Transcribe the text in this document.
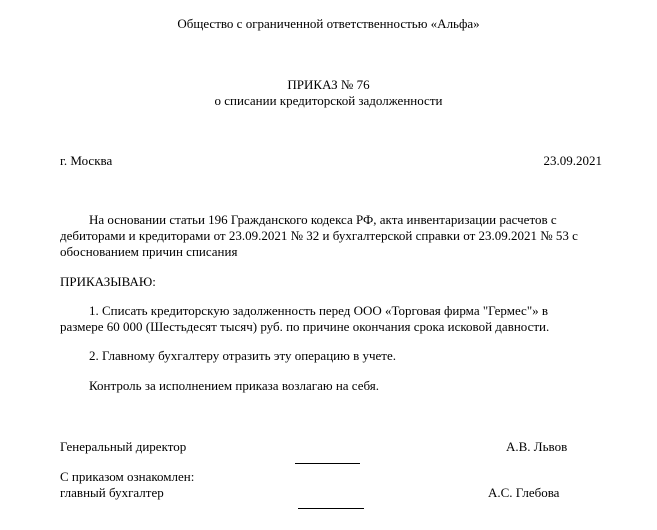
Общество с ограниченной ответственностью «Альфа»
ПРИКАЗ № 76
о списании кредиторской задолженности
г. Москва	23.09.2021
На основании статьи 196 Гражданского кодекса РФ, акта инвентаризации расчетов с
дебиторами и кредиторами от 23.09.2021 № 32 и бухгалтерской справки от 23.09.2021 № 53 с
обоснованием причин списания
ПРИКАЗЫВАЮ:
1. Списать кредиторскую задолженность перед ООО «Торговая фирма "Гермес"» в
размере 60 000 (Шестьдесят тысяч) руб. по причине окончания срока исковой давности.
2. Главному бухгалтеру отразить эту операцию в учете.
Контроль за исполнением приказа возлагаю на себя.
Генеральный директор	А.В. Львов
С приказом ознакомлен:
главный бухгалтер	А.С. Глебова
